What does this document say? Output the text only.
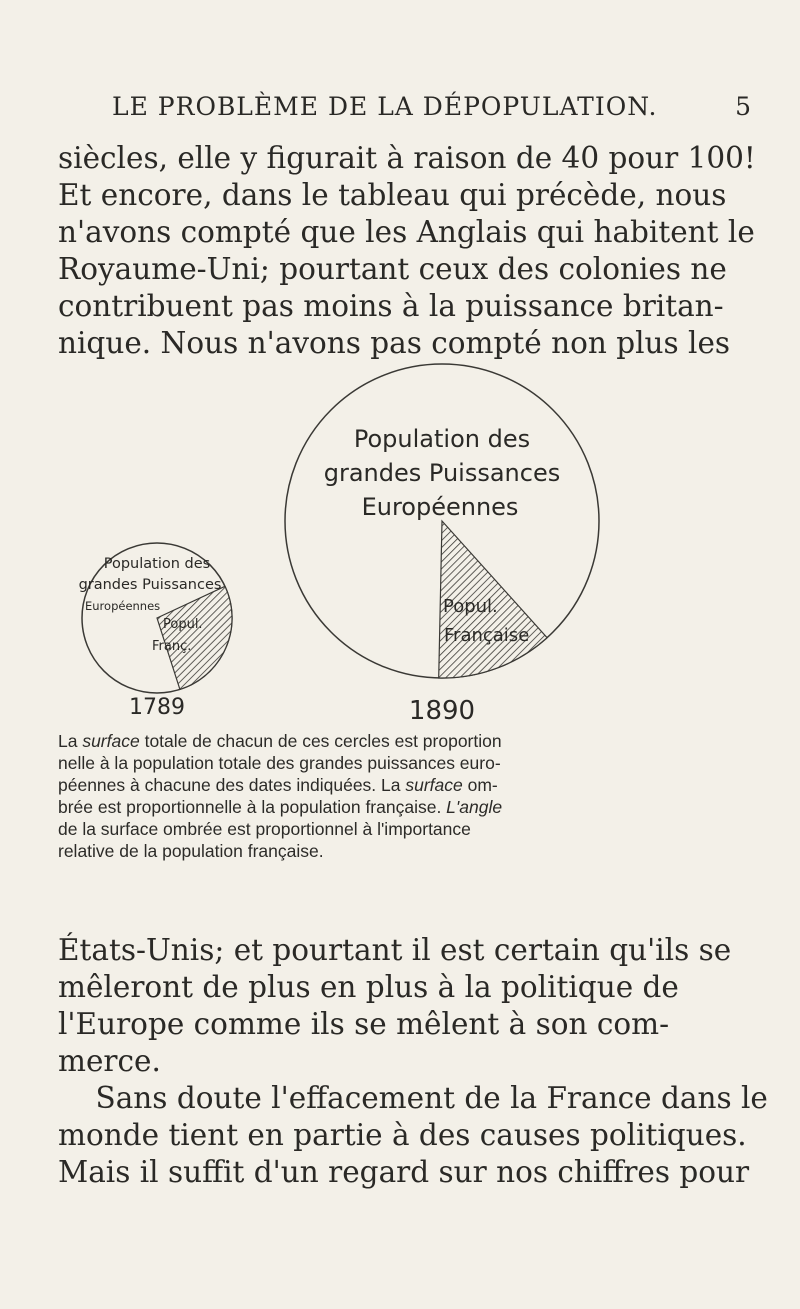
LE PROBLÈME DE LA DÉPOPULATION.	5

siècles, elle y figurait à raison de 40 pour 100!
Et encore, dans le tableau qui précède, nous
n'avons compté que les Anglais qui habitent le
Royaume-Uni; pourtant ceux des colonies ne
contribuent pas moins à la puissance britan-
nique. Nous n'avons pas compté non plus les

Population des
grandes Puissances
Européennes
Popul.
Franç.
1789
Population des
grandes Puissances
Européennes
Popul.
Française
1890
La surface totale de chacun de ces cercles est proportion
nelle à la population totale des grandes puissances euro-
péennes à chacune des dates indiquées. La surface om-
brée est proportionnelle à la population française. L'angle
de la surface ombrée est proportionnel à l'importance
relative de la population française.

États-Unis; et pourtant il est certain qu'ils se
mêleront de plus en plus à la politique de
l'Europe comme ils se mêlent à son com-
merce.
Sans doute l'effacement de la France dans le
monde tient en partie à des causes politiques.
Mais il suffit d'un regard sur nos chiffres pour
